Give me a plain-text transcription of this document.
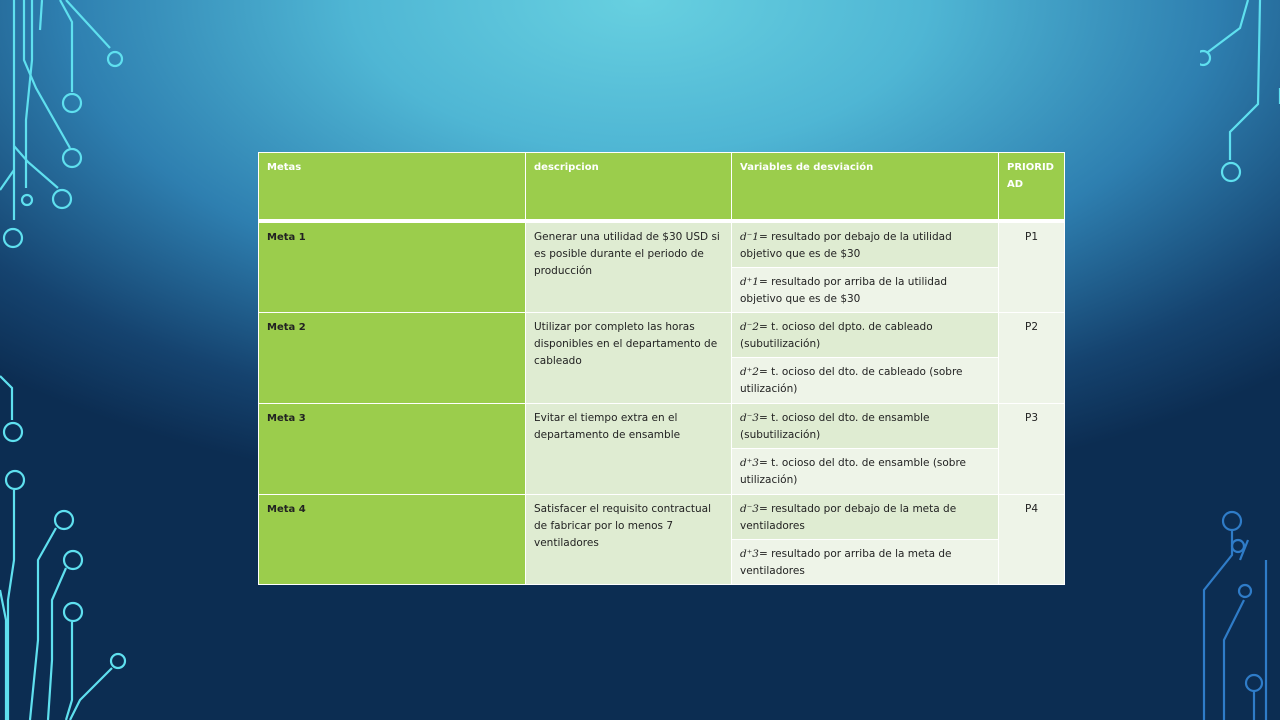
Metas	descripcion	Variables de desviación	PRIORIDAD
Meta 1	Generar una utilidad de $30 USD si es posible durante el periodo de producción	d⁻1= resultado por debajo de la utilidad objetivo que es de $30	P1
		d⁺1= resultado por arriba de la utilidad objetivo que es de $30	
Meta 2	Utilizar por completo las horas disponibles en el departamento de cableado	d⁻2= t. ocioso del dpto. de cableado (subutilización)	P2
		d⁺2= t. ocioso del dto. de cableado (sobre utilización)	
Meta 3	Evitar el tiempo extra en el departamento de ensamble	d⁻3= t. ocioso del dto. de ensamble (subutilización)	P3
		d⁺3= t. ocioso del dto. de ensamble (sobre utilización)	
Meta 4	Satisfacer el requisito contractual de fabricar por lo menos 7 ventiladores	d⁻3= resultado por debajo de la meta de ventiladores	P4
		d⁺3= resultado por arriba de la meta de ventiladores	
